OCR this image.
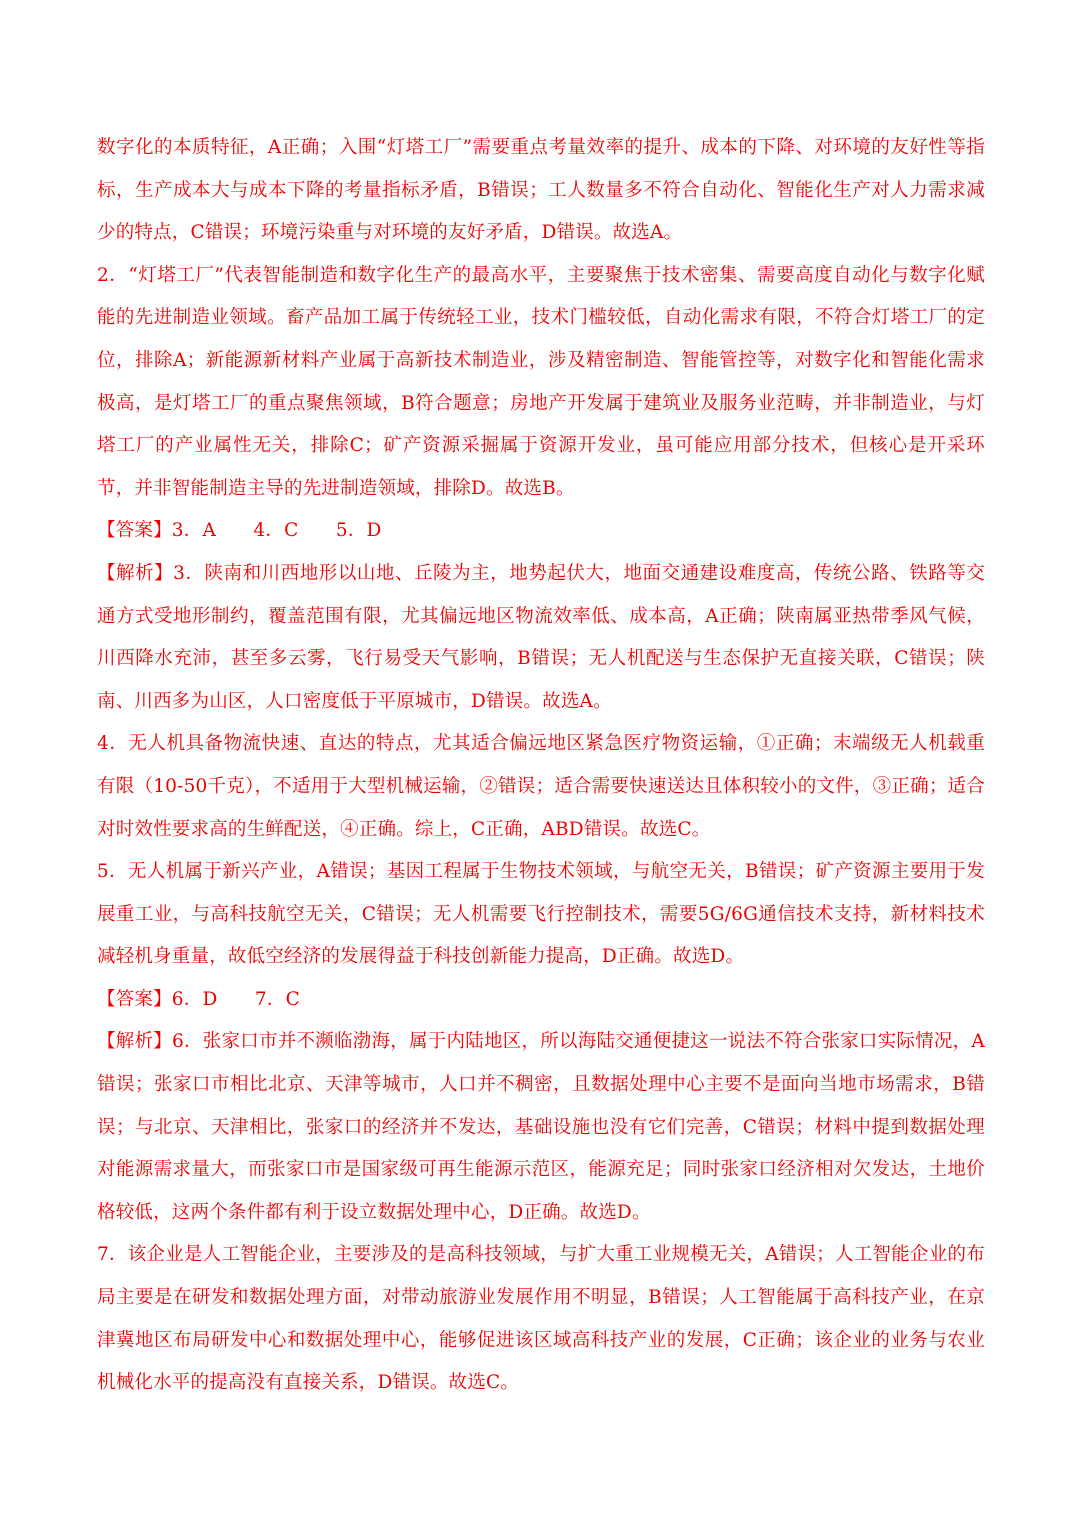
数字化的本质特征，A正确；入围“灯塔工厂”需要重点考量效率的提升、成本的下降、对环境的友好性等指标，生产成本大与成本下降的考量指标矛盾，B错误；工人数量多不符合自动化、智能化生产对人力需求减少的特点，C错误；环境污染重与对环境的友好矛盾，D错误。故选A。

2．“灯塔工厂”代表智能制造和数字化生产的最高水平，主要聚焦于技术密集、需要高度自动化与数字化赋能的先进制造业领域。畜产品加工属于传统轻工业，技术门槛较低，自动化需求有限，不符合灯塔工厂的定位，排除A；新能源新材料产业属于高新技术制造业，涉及精密制造、智能管控等，对数字化和智能化需求极高，是灯塔工厂的重点聚焦领域，B符合题意；房地产开发属于建筑业及服务业范畴，并非制造业，与灯塔工厂的产业属性无关，排除C；矿产资源采掘属于资源开发业，虽可能应用部分技术，但核心是开采环节，并非智能制造主导的先进制造领域，排除D。故选B。

【答案】3．A　　4．C　　5．D

【解析】3．陕南和川西地形以山地、丘陵为主，地势起伏大，地面交通建设难度高，传统公路、铁路等交通方式受地形制约，覆盖范围有限，尤其偏远地区物流效率低、成本高，A正确；陕南属亚热带季风气候，川西降水充沛，甚至多云雾，飞行易受天气影响，B错误；无人机配送与生态保护无直接关联，C错误；陕南、川西多为山区，人口密度低于平原城市，D错误。故选A。

4．无人机具备物流快速、直达的特点，尤其适合偏远地区紧急医疗物资运输，①正确；末端级无人机载重有限（10-50千克），不适用于大型机械运输，②错误；适合需要快速送达且体积较小的文件，③正确；适合对时效性要求高的生鲜配送，④正确。综上，C正确，ABD错误。故选C。

5．无人机属于新兴产业，A错误；基因工程属于生物技术领域，与航空无关，B错误；矿产资源主要用于发展重工业，与高科技航空无关，C错误；无人机需要飞行控制技术，需要5G/6G通信技术支持，新材料技术减轻机身重量，故低空经济的发展得益于科技创新能力提高，D正确。故选D。

【答案】6．D　　7．C

【解析】6．张家口市并不濒临渤海，属于内陆地区，所以海陆交通便捷这一说法不符合张家口实际情况，A错误；张家口市相比北京、天津等城市，人口并不稠密，且数据处理中心主要不是面向当地市场需求，B错误；与北京、天津相比，张家口的经济并不发达，基础设施也没有它们完善，C错误；材料中提到数据处理对能源需求量大，而张家口市是国家级可再生能源示范区，能源充足；同时张家口经济相对欠发达，土地价格较低，这两个条件都有利于设立数据处理中心，D正确。故选D。

7．该企业是人工智能企业，主要涉及的是高科技领域，与扩大重工业规模无关，A错误；人工智能企业的布局主要是在研发和数据处理方面，对带动旅游业发展作用不明显，B错误；人工智能属于高科技产业，在京津冀地区布局研发中心和数据处理中心，能够促进该区域高科技产业的发展，C正确；该企业的业务与农业机械化水平的提高没有直接关系，D错误。故选C。
